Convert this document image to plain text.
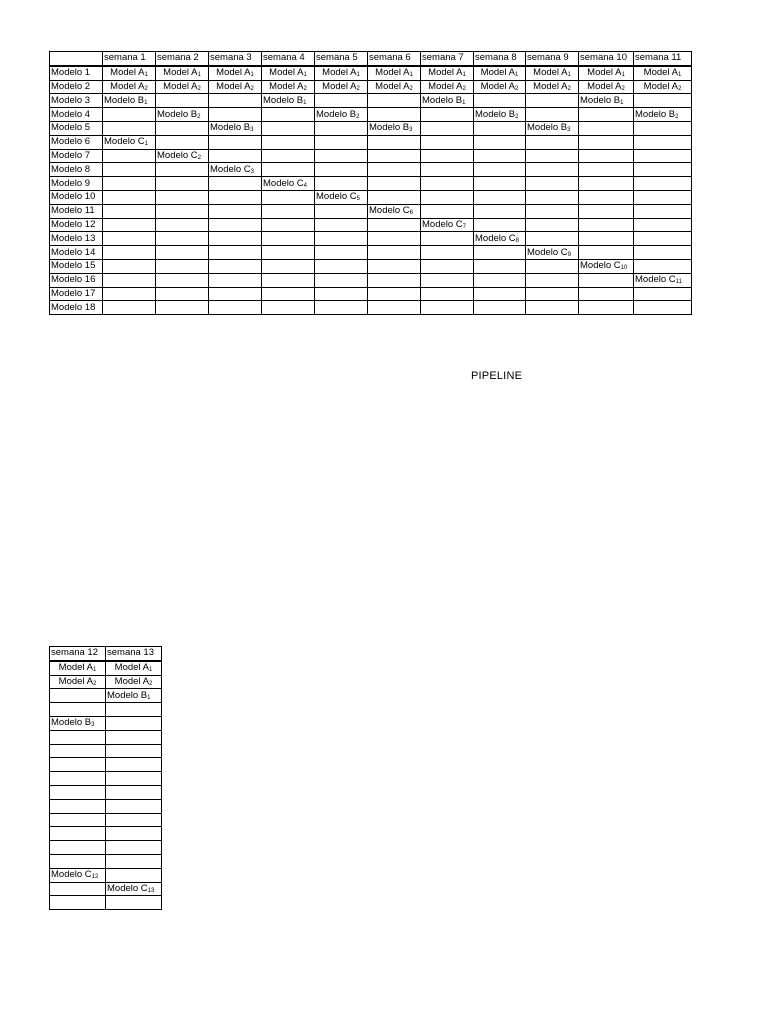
	semana 1	semana 2	semana 3	semana 4	semana 5	semana 6	semana 7	semana 8	semana 9	semana 10	semana 11
Modelo 1	Model $A_1$	Model $A_1$	Model $A_1$	Model $A_1$	Model $A_1$	Model $A_1$	Model $A_1$	Model $A_1$	Model $A_1$	Model $A_1$	Model $A_1$
Modelo 2	Model $A_2$	Model $A_2$	Model $A_2$	Model $A_2$	Model $A_2$	Model $A_2$	Model $A_2$	Model $A_2$	Model $A_2$	Model $A_2$	Model $A_2$
Modelo 3	Modelo $B_1$			Modelo $B_1$			Modelo $B_1$			Modelo $B_1$	
Modelo 4		Modelo $B_2$			Modelo $B_2$			Modelo $B_2$			Modelo $B_2$
Modelo 5			Modelo $B_3$			Modelo $B_3$			Modelo $B_3$		
Modelo 6	Modelo $C_1$										
Modelo 7		Modelo $C_2$									
Modelo 8			Modelo $C_3$								
Modelo 9				Modelo $C_4$							
Modelo 10					Modelo $C_5$						
Modelo 11						Modelo $C_6$					
Modelo 12							Modelo $C_7$				
Modelo 13								Modelo $C_8$			
Modelo 14									Modelo $C_9$		
Modelo 15										Modelo $C_{10}$	
Modelo 16											Modelo $C_{11}$
Modelo 17											
Modelo 18											
PIPELINE
semana 12	semana 13
Model $A_1$	Model $A_1$
Model $A_2$	Model $A_2$
	Modelo $B_1$

Modelo $B_3$	

Modelo $C_{12}$	
	Modelo $C_{13}$
